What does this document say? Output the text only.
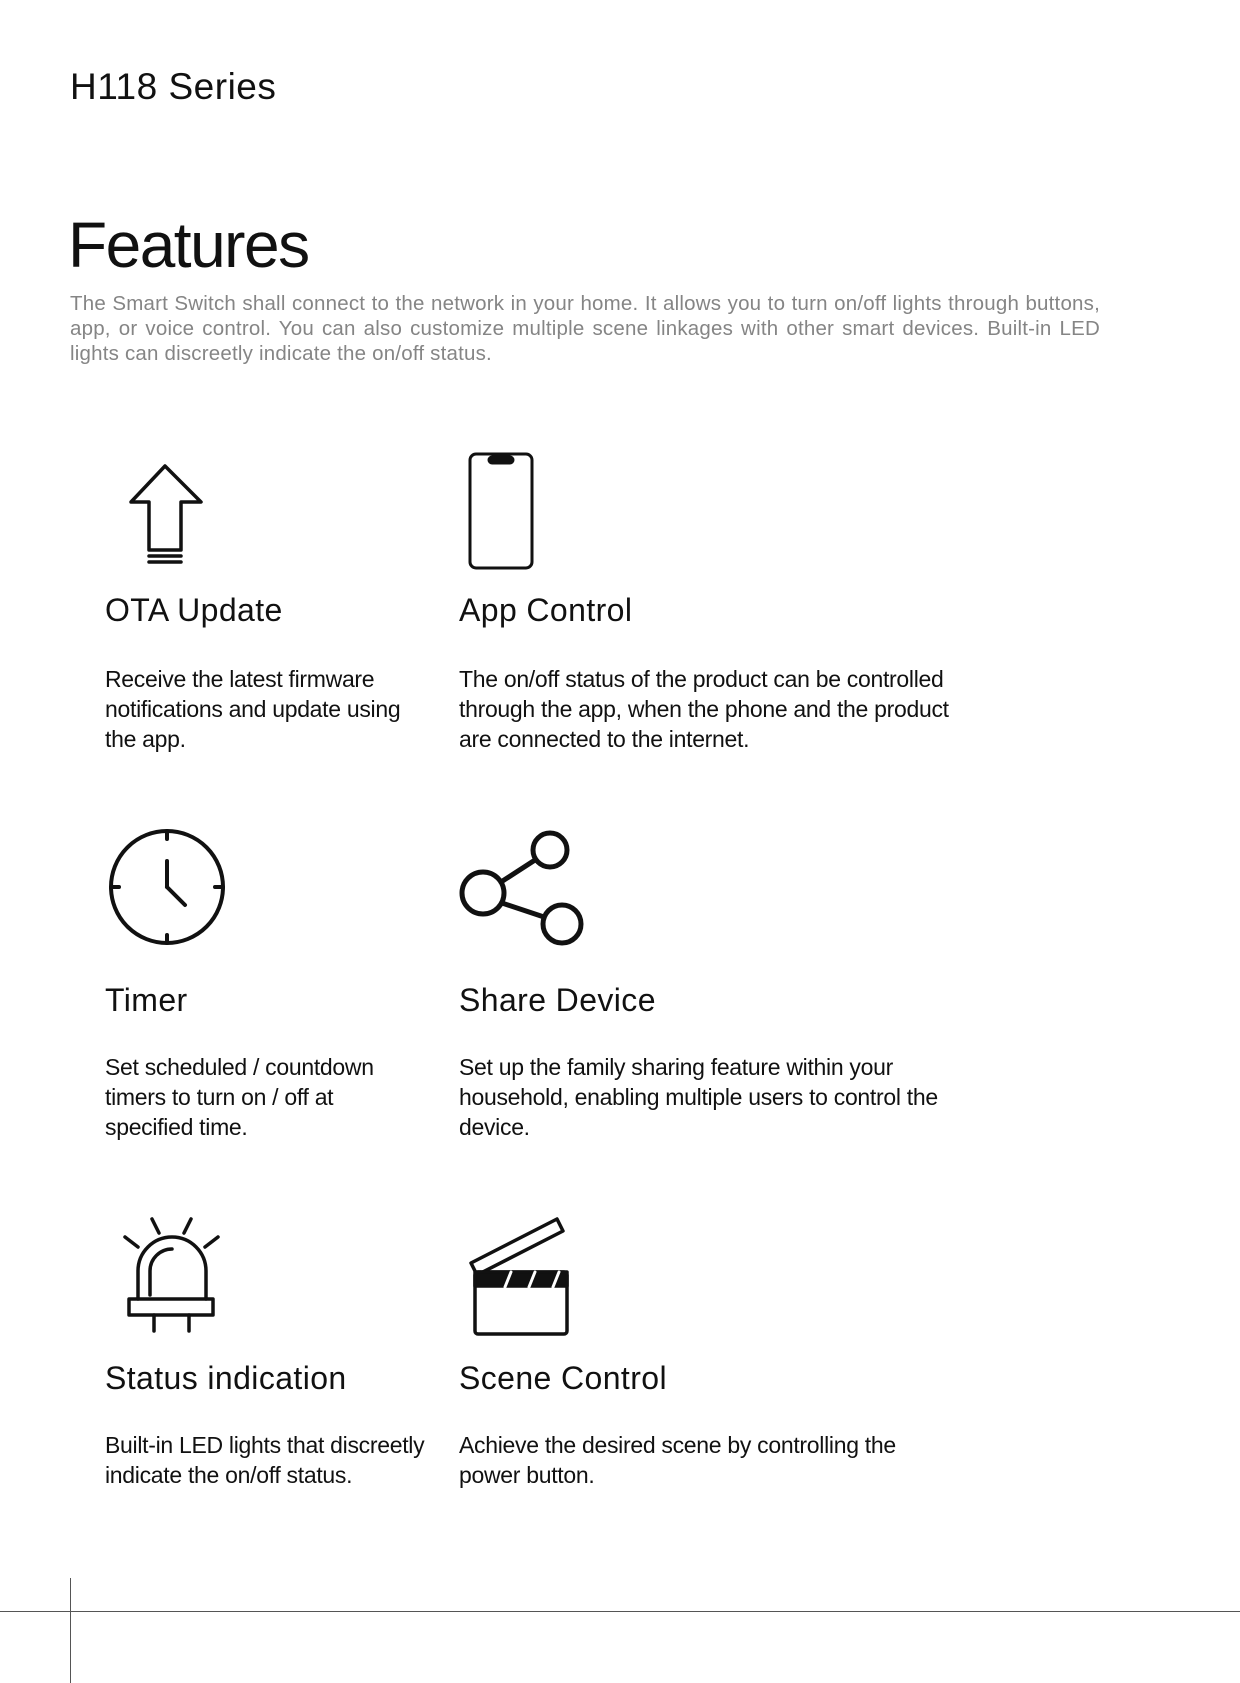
H118 Series
Features
The Smart Switch shall connect to the network in your home. It allows you to turn on/off lights through buttons, app, or voice control. You can also customize multiple scene linkages with other smart devices. Built-in LED lights can discreetly indicate the on/off status.
OTA Update
Receive the latest firmware notifications and update using the app.
App Control
The on/off status of the product can be controlled through the app, when the phone and the product are connected to the internet.
Timer
Set scheduled / countdown timers to turn on / off at specified time.
Share Device
Set up the family sharing feature within your household, enabling multiple users to control the device.
Status indication
Built-in LED lights that discreetly indicate the on/off status.
Scene Control
Achieve the desired scene by controlling the power button.
